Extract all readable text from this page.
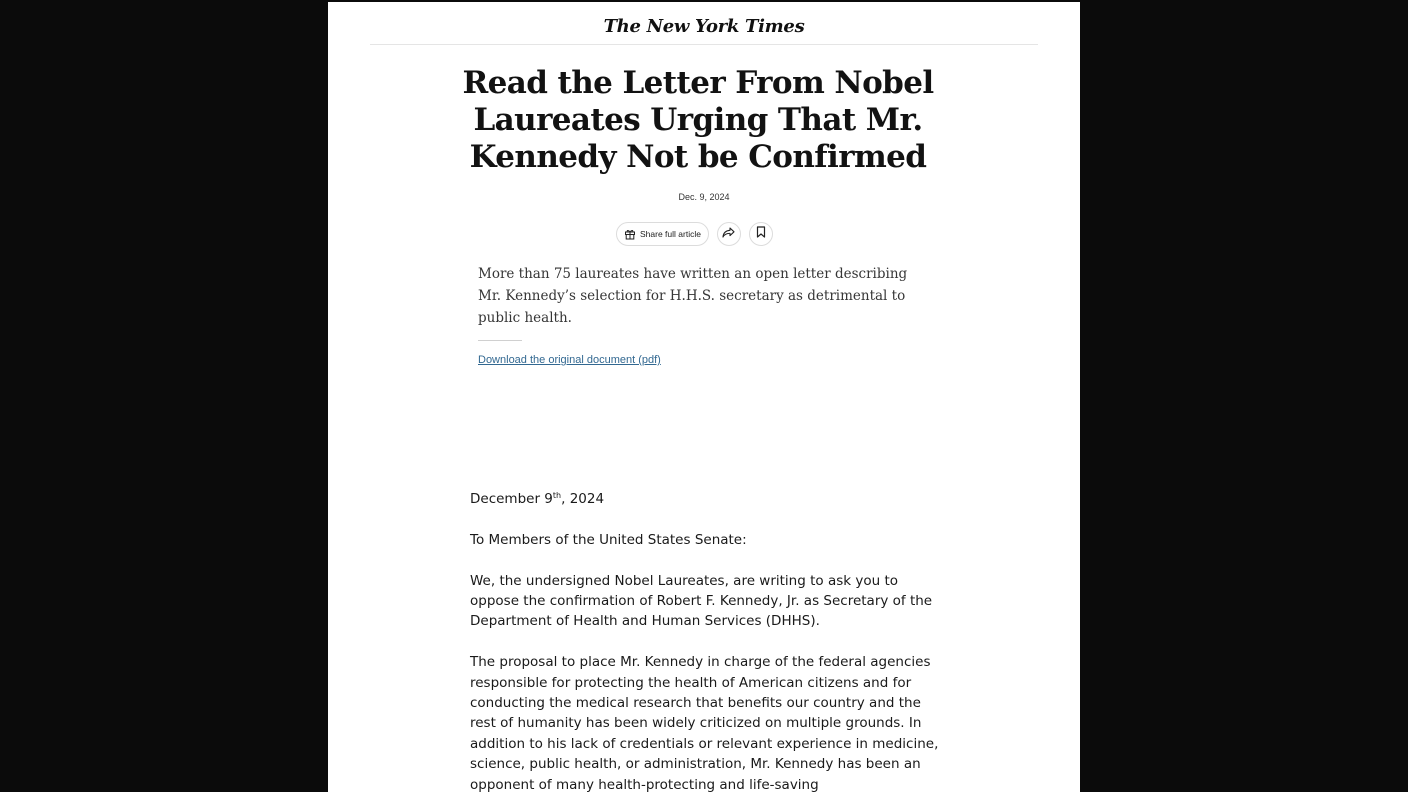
The New York Times
Read the Letter From Nobel Laureates Urging That Mr. Kennedy Not be Confirmed
Dec. 9, 2024
Share full article

More than 75 laureates have written an open letter describing Mr. Kennedy’s selection for H.H.S. secretary as detrimental to public health.

Download the original document (pdf)

December 9th, 2024

To Members of the United States Senate:

We, the undersigned Nobel Laureates, are writing to ask you to oppose the confirmation of Robert F. Kennedy, Jr. as Secretary of the Department of Health and Human Services (DHHS).

The proposal to place Mr. Kennedy in charge of the federal agencies responsible for protecting the health of American citizens and for conducting the medical research that benefits our country and the rest of humanity has been widely criticized on multiple grounds. In addition to his lack of credentials or relevant experience in medicine, science, public health, or administration, Mr. Kennedy has been an opponent of many health-protecting and life-saving
